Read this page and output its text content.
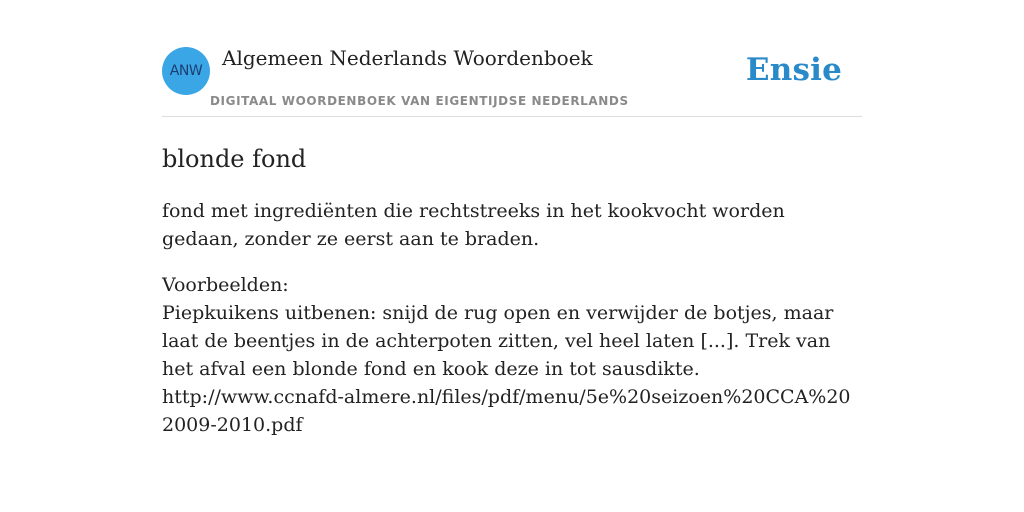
ANW
Algemeen Nederlands Woordenboek
DIGITAAL WOORDENBOEK VAN EIGENTIJDSE NEDERLANDS
Ensie
blonde fond

fond met ingrediënten die rechtstreeks in het kookvocht worden gedaan, zonder ze eerst aan te braden.

Voorbeelden:
Piepkuikens uitbenen: snijd de rug open en verwijder de botjes, maar laat de beentjes in de achterpoten zitten, vel heel laten [...]. Trek van het afval een blonde fond en kook deze in tot sausdikte.
http://www.ccnafd-almere.nl/files/pdf/menu/5e%20seizoen%20CCA%202009-2010.pdf
